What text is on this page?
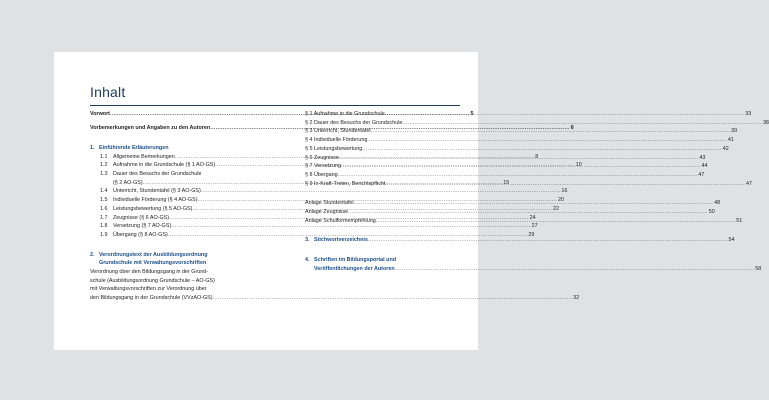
Inhalt
Vorwort .....	5
Vorbemerkungen und Angaben zu den Autoren .....	6
1. Einführende Erläuterungen
1.1 Allgemeine Bemerkungen .....	8
1.2 Aufnahme in die Grundschule (§ 1 AO-GS) .....	10
1.3 Dauer des Besuchs der Grundschule
(§ 2 AO-GS) .....	15
1.4 Unterricht, Stundentafel (§ 3 AO-GS) .....	16
1.5 Individuelle Förderung (§ 4 AO-GS) .....	20
1.6 Leistungsbewertung (§ 5 AO-GS) .....	22
1.7 Zeugnisse (§ 6 AO-GS) .....	24
1.8 Versetzung (§ 7 AO-GS) .....	27
1.9 Übergang (§ 8 AO-GS) .....	29
2. Verordnungstext der Ausbildungsordnung
Grundschule mit Verwaltungsvorschriften
Verordnung über den Bildungsgang in der Grund-
schule (Ausbildungsordnung Grundschule – AO-GS)
mit Verwaltungsvorschriften zur Verordnung über
den Bildungsgang in der Grundschule (VVzAO-GS) .....	32
§ 1 Aufnahme in die Grundschule .....	33
§ 2 Dauer des Besuchs der Grundschule .....	38
§ 3 Unterricht, Stundentafel .....	39
§ 4 Individuelle Förderung .....	41
§ 5 Leistungsbewertung .....	42
§ 6 Zeugnisse .....	43
§ 7 Versetzung .....	44
§ 8 Übergang .....	47
§ 9 In-Kraft-Treten, Berichtspflicht .....	47
Anlage Stundentafel .....	48
Anlage Zeugnisse .....	50
Anlage Schulformempfehlung .....	51
3. Stichwortverzeichnis .....	54
4. Schriften im Bildungsportal und
Veröffentlichungen der Autoren .....	58
